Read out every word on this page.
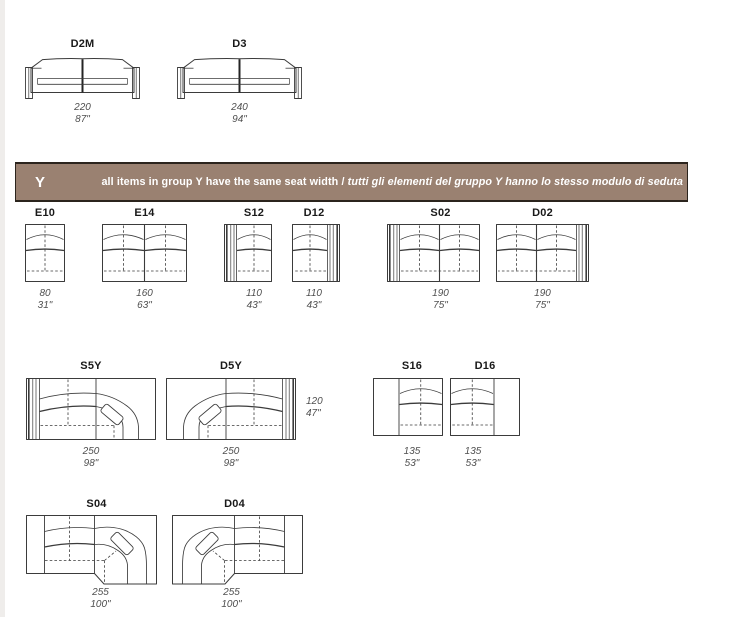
D2M
220
87"
D3
240
94"
Y	all items in group Y have the same seat width / tutti gli elementi del gruppo Y hanno lo stesso modulo di seduta
E10
80
31"
E14
160
63"
S12
110
43"
D12
110
43"
S02
190
75"
D02
190
75"
S5Y
250
98"
D5Y
250
98"
120
47"
S16
135
53"
D16
135
53"
S04
255
100"
D04
255
100"
